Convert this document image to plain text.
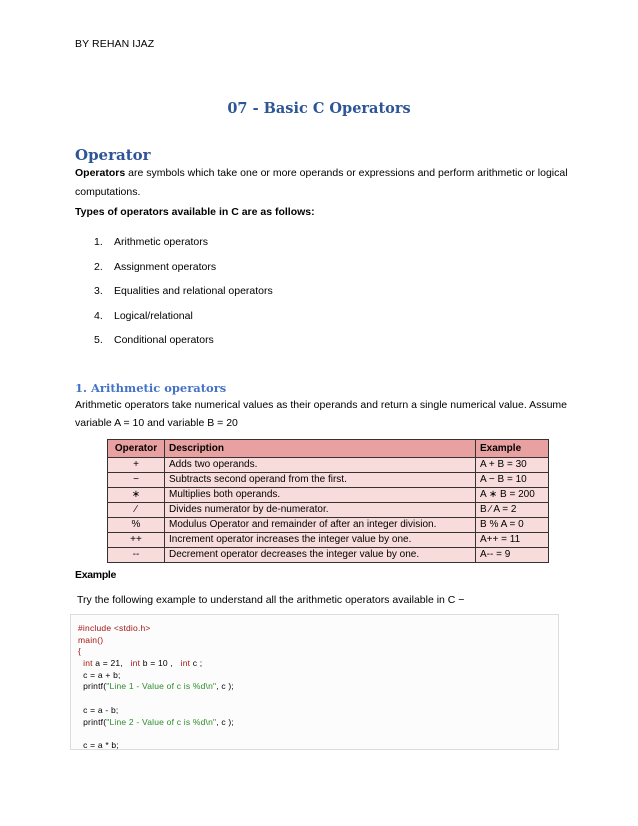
BY REHAN IJAZ
07 - Basic C Operators
Operator
Operators are symbols which take one or more operands or expressions and perform arithmetic or logical computations.
Types of operators available in C are as follows:
1. Arithmetic operators
2. Assignment operators
3. Equalities and relational operators
4. Logical/relational
5. Conditional operators
1. Arithmetic operators
Arithmetic operators take numerical values as their operands and return a single numerical value. Assume variable A = 10 and variable B = 20
Operator	Description	Example
+	Adds two operands.	A + B = 30
−	Subtracts second operand from the first.	A − B = 10
∗	Multiplies both operands.	A ∗ B = 200
∕	Divides numerator by de-numerator.	B ∕ A = 2
%	Modulus Operator and remainder of after an integer division.	B % A = 0
++	Increment operator increases the integer value by one.	A++ = 11
--	Decrement operator decreases the integer value by one.	A-- = 9
Example
Try the following example to understand all the arithmetic operators available in C −
#include <stdio.h>
main()
{
int a = 21, int b = 10 , int c ;
c = a + b;
printf("Line 1 - Value of c is %d\n", c );
c = a - b;
printf("Line 2 - Value of c is %d\n", c );
c = a * b;
